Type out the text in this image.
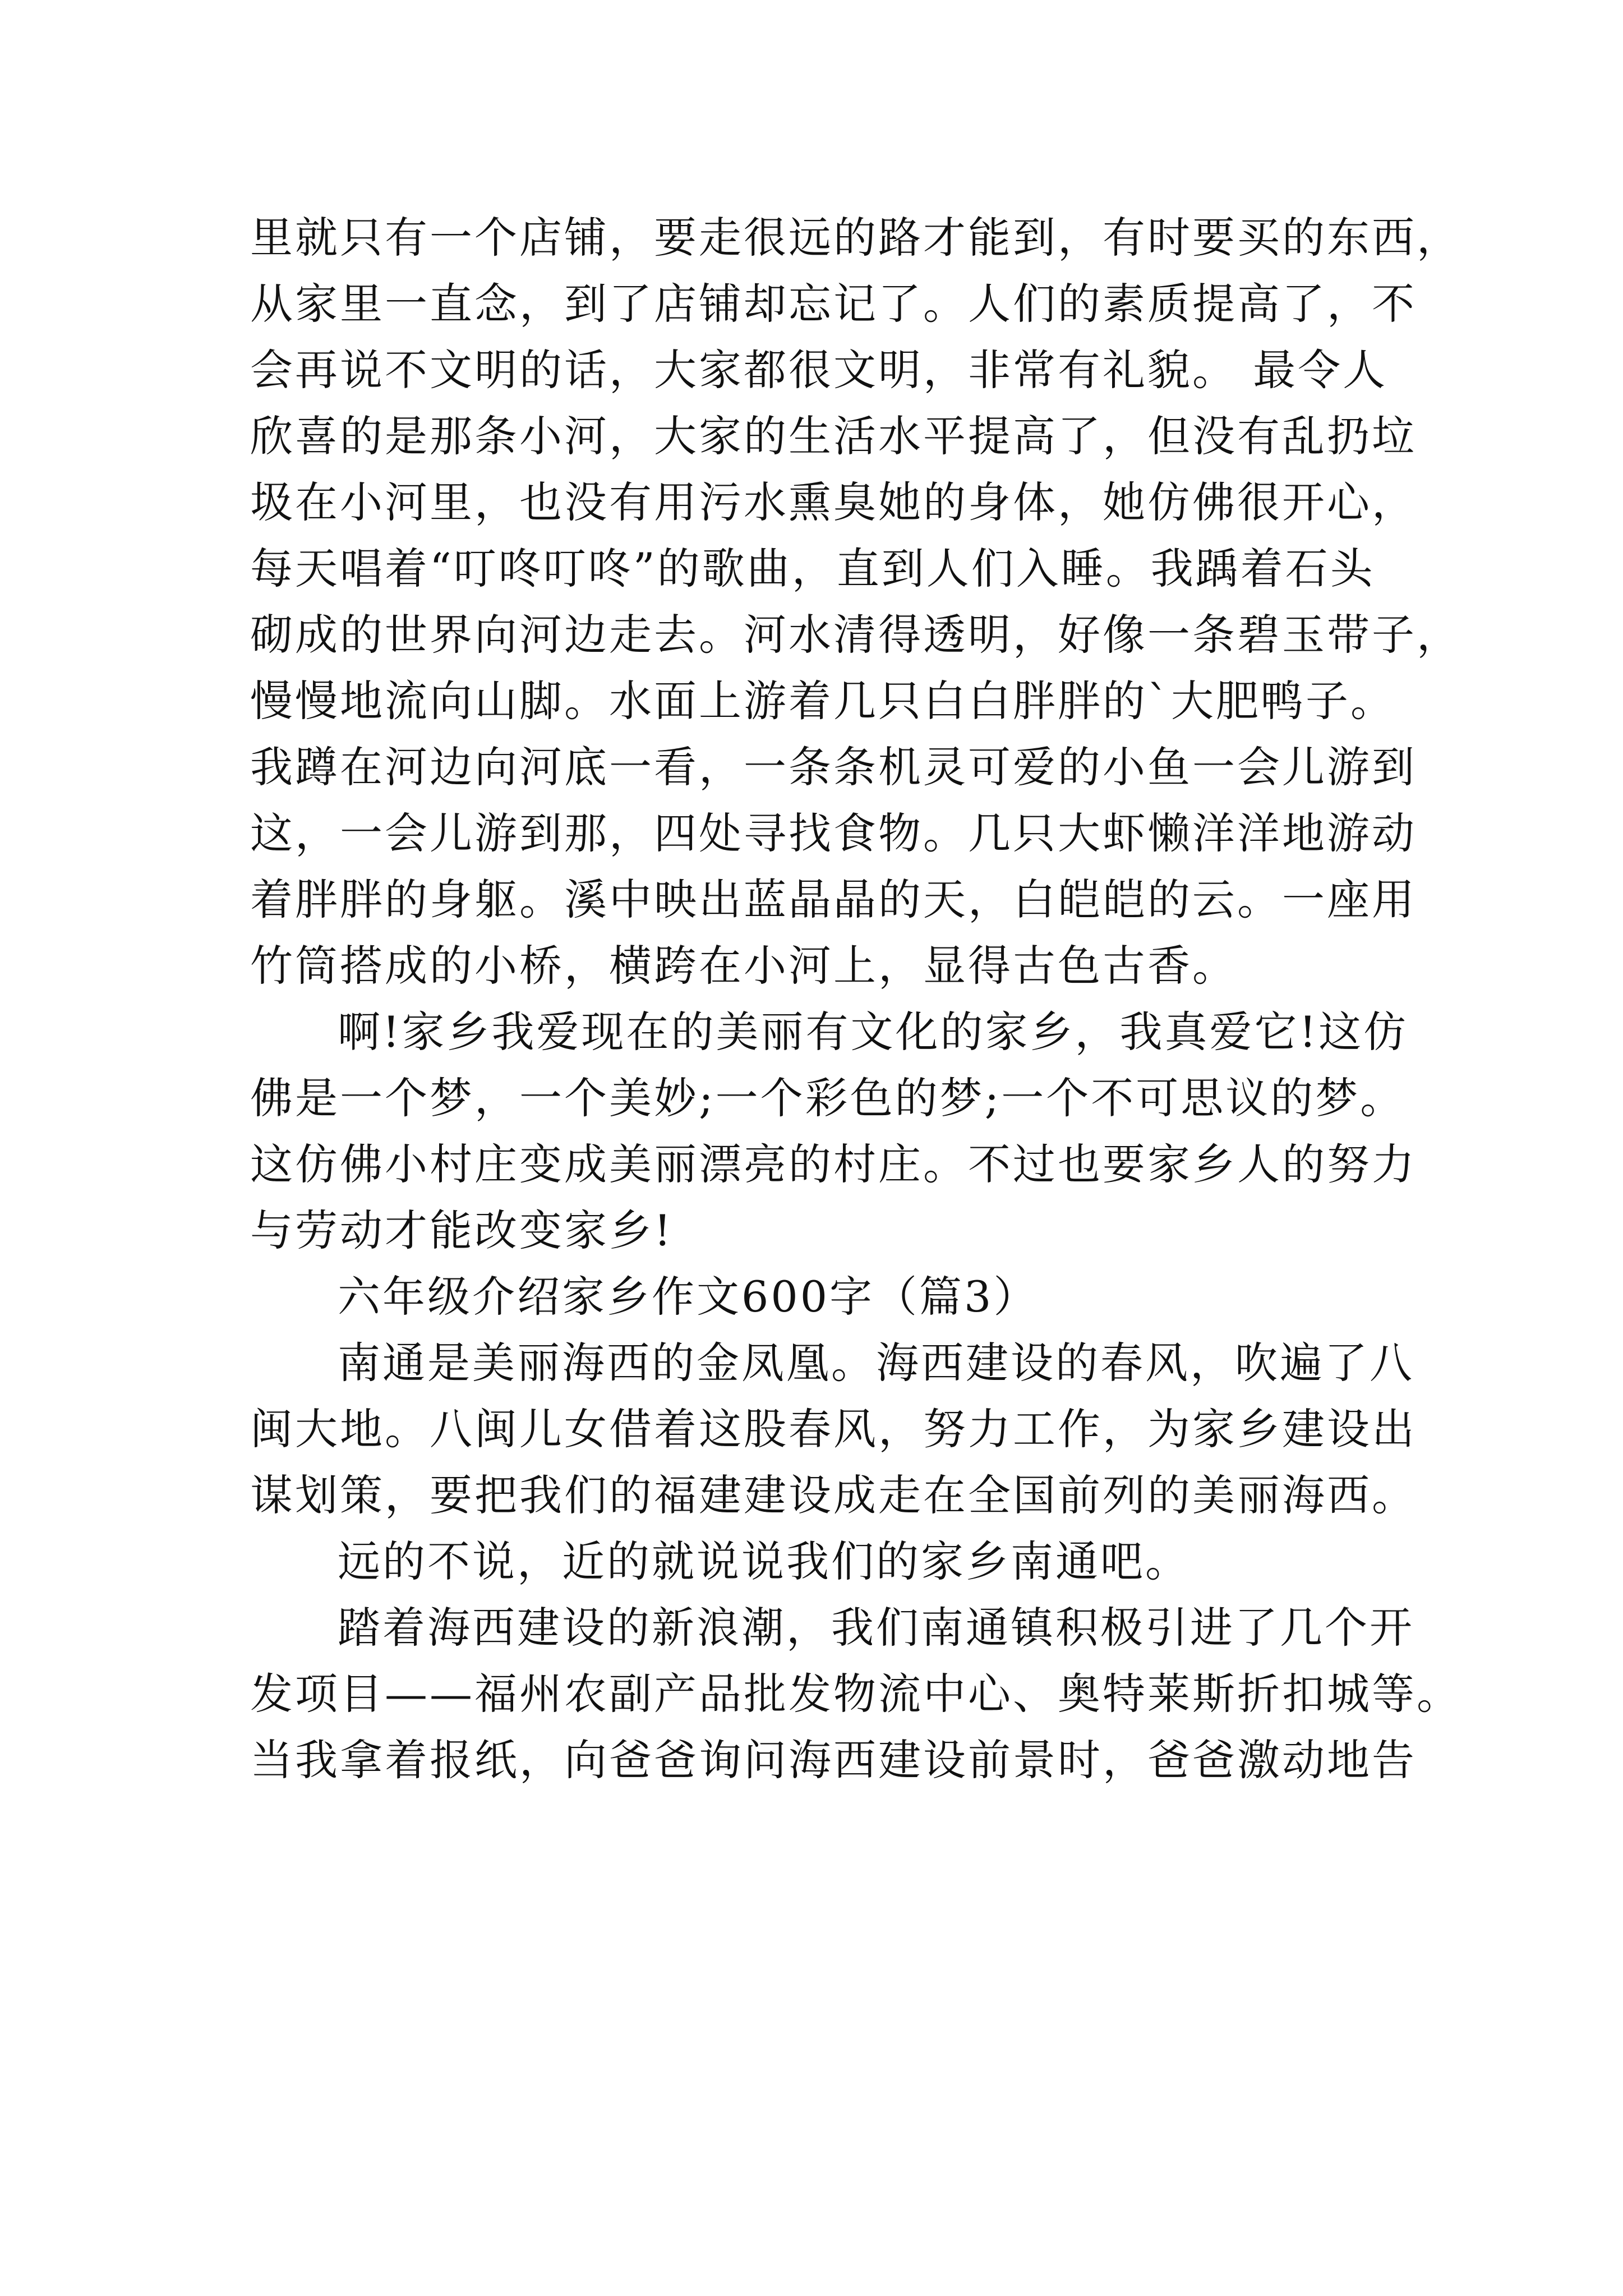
里就只有一个店铺，要走很远的路才能到，有时要买的东西，
从家里一直念，到了店铺却忘记了。人们的素质提高了，不
会再说不文明的话，大家都很文明，非常有礼貌。 最令人
欣喜的是那条小河，大家的生活水平提高了，但没有乱扔垃
圾在小河里，也没有用污水熏臭她的身体，她仿佛很开心，
每天唱着“叮咚叮咚”的歌曲，直到人们入睡。我踽着石头
砌成的世界向河边走去。河水清得透明，好像一条碧玉带子，
慢慢地流向山脚。水面上游着几只白白胖胖的`大肥鸭子。
我蹲在河边向河底一看，一条条机灵可爱的小鱼一会儿游到
这，一会儿游到那，四处寻找食物。几只大虾懒洋洋地游动
着胖胖的身躯。溪中映出蓝晶晶的天，白皑皑的云。一座用
竹筒搭成的小桥，横跨在小河上，显得古色古香。
啊!家乡我爱现在的美丽有文化的家乡，我真爱它!这仿
佛是一个梦，一个美妙;一个彩色的梦;一个不可思议的梦。
这仿佛小村庄变成美丽漂亮的村庄。不过也要家乡人的努力
与劳动才能改变家乡!
六年级介绍家乡作文600字（篇3）
南通是美丽海西的金凤凰。海西建设的春风，吹遍了八
闽大地。八闽儿女借着这股春风，努力工作，为家乡建设出
谋划策，要把我们的福建建设成走在全国前列的美丽海西。
远的不说，近的就说说我们的家乡南通吧。
踏着海西建设的新浪潮，我们南通镇积极引进了几个开
发项目——福州农副产品批发物流中心、奥特莱斯折扣城等。
当我拿着报纸，向爸爸询问海西建设前景时，爸爸激动地告
